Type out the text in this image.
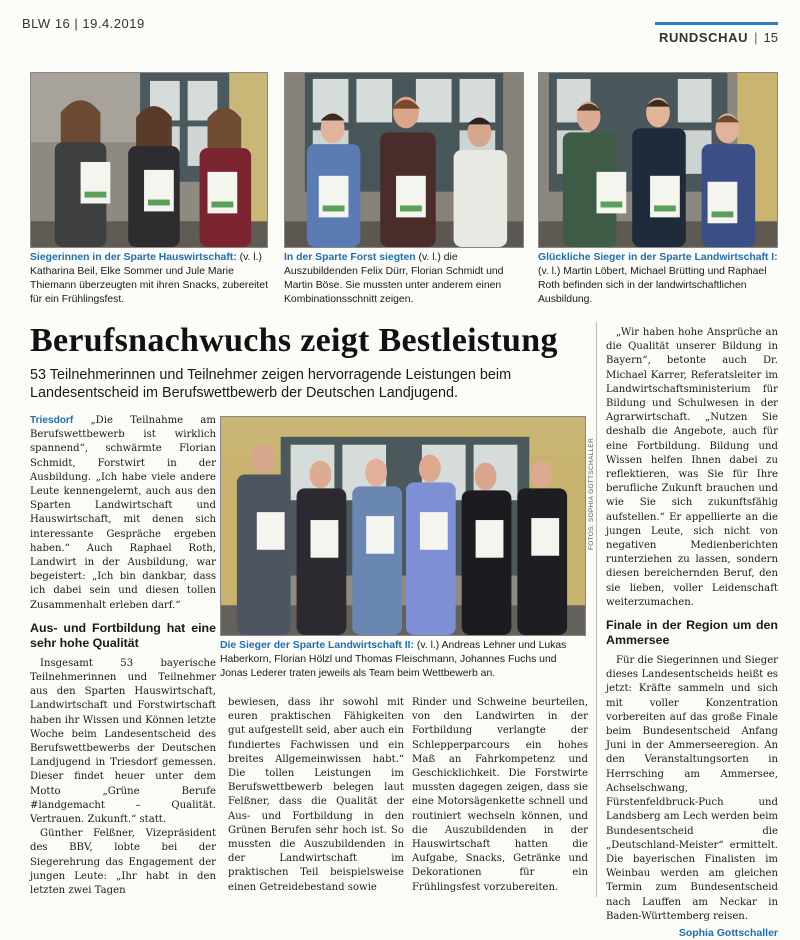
BLW 16 | 19.4.2019
RUNDSCHAU | 15
Siegerinnen in der Sparte Hauswirtschaft: (v. l.) Katharina Beil, Elke Sommer und Jule Marie Thiemann überzeugten mit ihren Snacks, zubereitet für ein Frühlingsfest.
In der Sparte Forst siegten (v. l.) die Auszubildenden Felix Dürr, Florian Schmidt und Martin Böse. Sie mussten unter anderem einen Kombinationsschnitt zeigen.
Glückliche Sieger in der Sparte Landwirtschaft I: (v. l.) Martin Löbert, Michael Brütting und Raphael Roth befinden sich in der landwirtschaftlichen Ausbildung.
Berufsnachwuchs zeigt Bestleistung
53 Teilnehmerinnen und Teilnehmer zeigen hervorragende Leistungen beim Landesentscheid im Berufswettbewerb der Deutschen Landjugend.

Triesdorf „Die Teilnahme am Berufswettbewerb ist wirklich spannend“, schwärmte Florian Schmidt, Forstwirt in der Ausbildung. „Ich habe viele andere Leute kennengelernt, auch aus den Sparten Landwirtschaft und Hauswirtschaft, mit denen sich interessante Gespräche ergeben haben.“ Auch Raphael Roth, Landwirt in der Ausbildung, war begeistert: „Ich bin dankbar, dass ich dabei sein und diesen tollen Zusammenhalt erleben darf.“

Aus- und Fortbildung hat eine sehr hohe Qualität

Insgesamt 53 bayerische Teilnehmerinnen und Teilnehmer aus den Sparten Hauswirtschaft, Landwirtschaft und Forstwirtschaft haben ihr Wissen und Können letzte Woche beim Landesentscheid des Berufswettbewerbs der Deutschen Landjugend in Triesdorf gemessen. Dieser findet heuer unter dem Motto „Grüne Berufe #landgemacht – Qualität. Vertrauen. Zukunft.“ statt.

Günther Felßner, Vizepräsident des BBV, lobte bei der Siegerehrung das Engagement der jungen Leute: „Ihr habt in den letzten zwei Tagen

FOTOS: SOPHIA GOTTSCHALLER
Die Sieger der Sparte Landwirtschaft II: (v. l.) Andreas Lehner und Lukas Haberkorn, Florian Hölzl und Thomas Fleischmann, Johannes Fuchs und Jonas Lederer traten jeweils als Team beim Wettbewerb an.

bewiesen, dass ihr sowohl mit euren praktischen Fähigkeiten gut aufgestellt seid, aber auch ein fundiertes Fachwissen und ein breites Allgemeinwissen habt.“ Die tollen Leistungen im Berufswettbewerb belegen laut Felßner, dass die Qualität der Aus- und Fortbildung in den Grünen Berufen sehr hoch ist. So mussten die Auszubildenden in der Landwirtschaft im praktischen Teil beispielsweise einen Getreidebestand sowie

Rinder und Schweine beurteilen, von den Landwirten in der Fortbildung verlangte der Schlepperparcours ein hohes Maß an Fahrkompetenz und Geschicklichkeit. Die Forstwirte mussten dagegen zeigen, dass sie eine Motorsägenkette schnell und routiniert wechseln können, und die Auszubildenden in der Hauswirtschaft hatten die Aufgabe, Snacks, Getränke und Dekorationen für ein Frühlingsfest vorzubereiten.

„Wir haben hohe Ansprüche an die Qualität unserer Bildung in Bayern“, betonte auch Dr. Michael Karrer, Referatsleiter im Landwirtschaftsministerium für Bildung und Schulwesen in der Agrarwirtschaft. „Nutzen Sie deshalb die Angebote, auch für eine Fortbildung. Bildung und Wissen helfen Ihnen dabei zu reflektieren, was Sie für Ihre berufliche Zukunft brauchen und wie Sie sich zukunftsfähig aufstellen.“ Er appellierte an die jungen Leute, sich nicht von negativen Medienberichten runterziehen zu lassen, sondern diesen bereichernden Beruf, den sie lieben, voller Leidenschaft weiterzumachen.

Finale in der Region um den Ammersee

Für die Siegerinnen und Sieger dieses Landesentscheids heißt es jetzt: Kräfte sammeln und sich mit voller Konzentration vorbereiten auf das große Finale beim Bundesentscheid Anfang Juni in der Ammerseeregion. An den Veranstaltungsorten in Herrsching am Ammersee, Achselschwang, Fürstenfeldbruck-Puch und Landsberg am Lech werden beim Bundesentscheid die „Deutschland-Meister“ ermittelt. Die bayerischen Finalisten im Weinbau werden am gleichen Termin zum Bundesentscheid nach Lauffen am Neckar in Baden-Württemberg reisen.

Sophia Gottschaller
